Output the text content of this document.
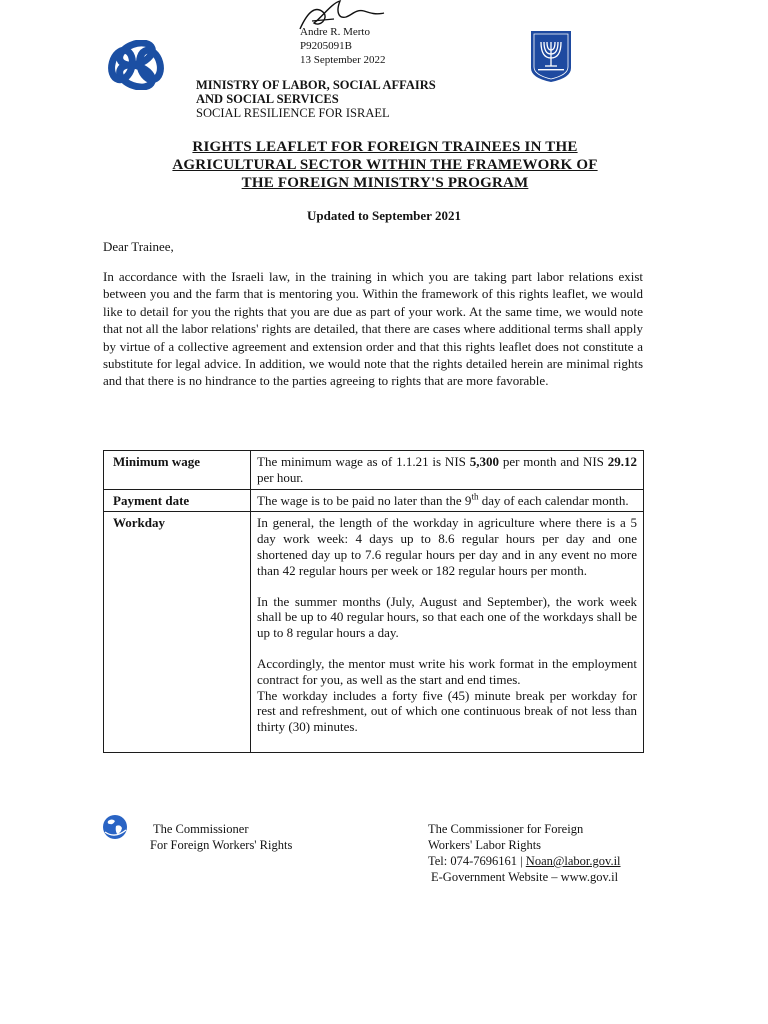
Andre R. Merto
P9205091B
13 September 2022
MINISTRY OF LABOR, SOCIAL AFFAIRS
AND SOCIAL SERVICES
SOCIAL RESILIENCE FOR ISRAEL
RIGHTS LEAFLET FOR FOREIGN TRAINEES IN THE
AGRICULTURAL SECTOR WITHIN THE FRAMEWORK OF
THE FOREIGN MINISTRY'S PROGRAM
Updated to September 2021
Dear Trainee,
In accordance with the Israeli law, in the training in which you are taking part labor relations exist between you and the farm that is mentoring you. Within the framework of this rights leaflet, we would like to detail for you the rights that you are due as part of your work. At the same time, we would note that not all the labor relations' rights are detailed, that there are cases where additional terms shall apply by virtue of a collective agreement and extension order and that this rights leaflet does not constitute a substitute for legal advice. In addition, we would note that the rights detailed herein are minimal rights and that there is no hindrance to the parties agreeing to rights that are more favorable.
Minimum wage	The minimum wage as of 1.1.21 is NIS 5,300 per month and NIS 29.12 per hour.
Payment date	The wage is to be paid no later than the 9th day of each calendar month.
Workday	In general, the length of the workday in agriculture where there is a 5 day work week: 4 days up to 8.6 regular hours per day and one shortened day up to 7.6 regular hours per day and in any event no more than 42 regular hours per week or 182 regular hours per month.

In the summer months (July, August and September), the work week shall be up to 40 regular hours, so that each one of the workdays shall be up to 8 regular hours a day.

Accordingly, the mentor must write his work format in the employment contract for you, as well as the start and end times.

The workday includes a forty five (45) minute break per workday for rest and refreshment, out of which one continuous break of not less than thirty (30) minutes.

The Commissioner
For Foreign Workers' Rights
The Commissioner for Foreign
Workers' Labor Rights
Tel: 074-7696161 | Noan@labor.gov.il
E-Government Website – www.gov.il
